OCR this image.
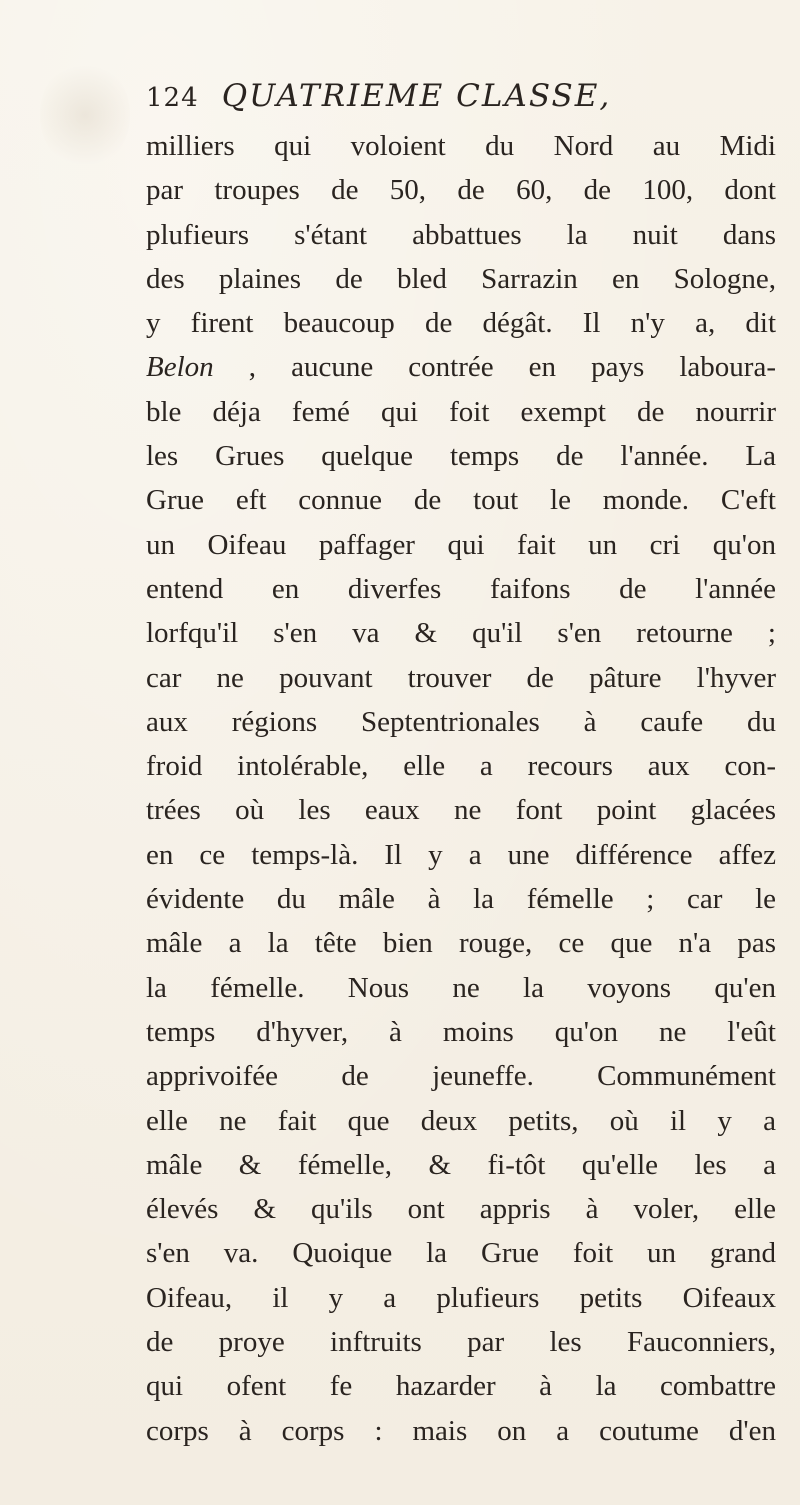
124 QUATRIEME CLASSE,
milliers qui voloient du Nord au Midi
par troupes de 50, de 60, de 100, dont
plufieurs s'étant abbattues la nuit dans
des plaines de bled Sarrazin en Sologne,
y firent beaucoup de dégât. Il n'y a, dit
Belon , aucune contrée en pays laboura-
ble déja femé qui foit exempt de nourrir
les Grues quelque temps de l'année. La
Grue eft connue de tout le monde. C'eft
un Oifeau paffager qui fait un cri qu'on
entend en diverfes faifons de l'année
lorfqu'il s'en va & qu'il s'en retourne ;
car ne pouvant trouver de pâture l'hyver
aux régions Septentrionales à caufe du
froid intolérable, elle a recours aux con-
trées où les eaux ne font point glacées
en ce temps-là. Il y a une différence affez
évidente du mâle à la fémelle ; car le
mâle a la tête bien rouge, ce que n'a pas
la fémelle. Nous ne la voyons qu'en
temps d'hyver, à moins qu'on ne l'eût
apprivoifée de jeuneffe. Communément
elle ne fait que deux petits, où il y a
mâle & fémelle, & fi-tôt qu'elle les a
élevés & qu'ils ont appris à voler, elle
s'en va. Quoique la Grue foit un grand
Oifeau, il y a plufieurs petits Oifeaux
de proye inftruits par les Fauconniers,
qui ofent fe hazarder à la combattre
corps à corps : mais on a coutume d'en
